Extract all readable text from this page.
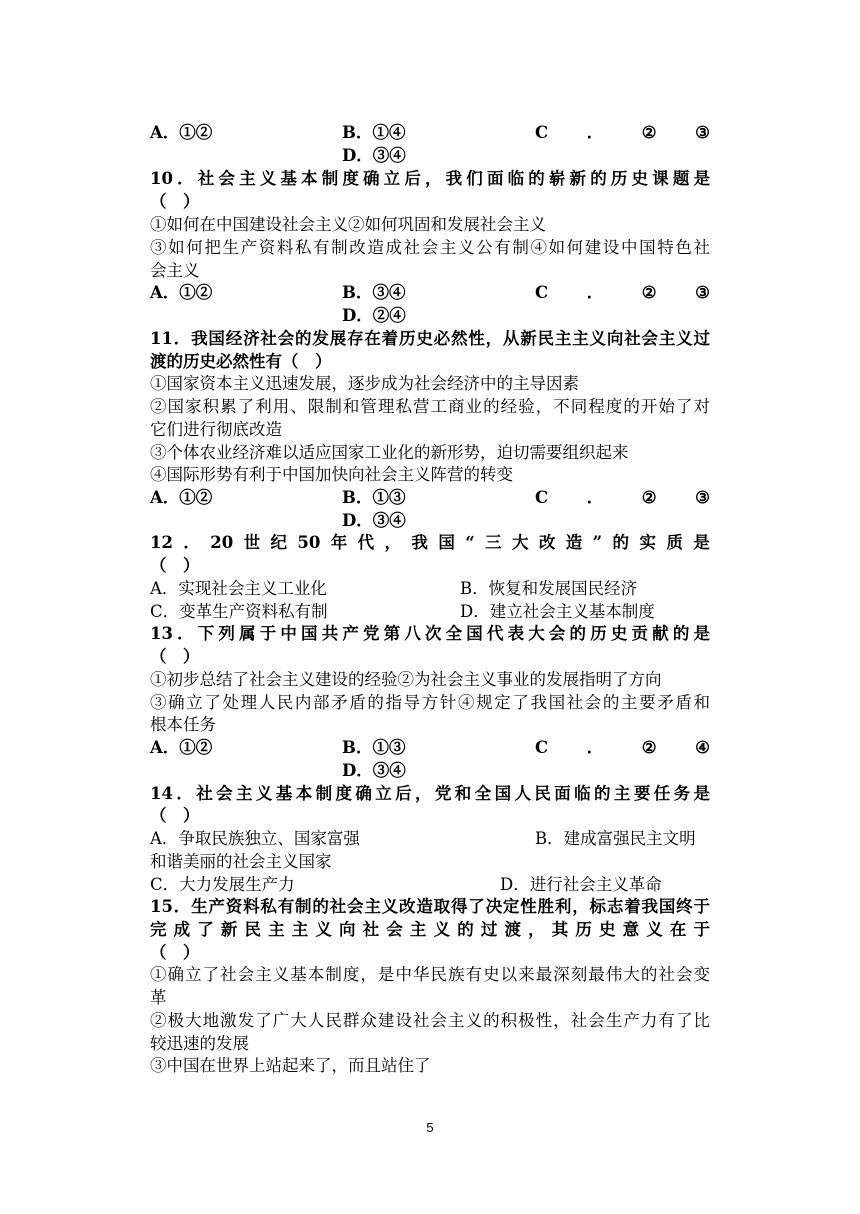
A．①②	B．①④	C ． ② ③
D．③④
10．社会主义基本制度确立后，我们面临的崭新的历史课题是
（　）
①如何在中国建设社会主义②如何巩固和发展社会主义
③如何把生产资料私有制改造成社会主义公有制④如何建设中国特色社
会主义
A．①②	B．③④	C ． ② ③
D．②④
11．我国经济社会的发展存在着历史必然性，从新民主主义向社会主义过
渡的历史必然性有（　）
①国家资本主义迅速发展，逐步成为社会经济中的主导因素
②国家积累了利用、限制和管理私营工商业的经验，不同程度的开始了对
它们进行彻底改造
③个体农业经济难以适应国家工业化的新形势，迫切需要组织起来
④国际形势有利于中国加快向社会主义阵营的转变
A．①②	B．①③	C ． ② ③
D．③④
12 ． 20 世 纪 50 年 代 ， 我 国 “ 三 大 改 造 ” 的 实 质 是
（　）
A．实现社会主义工业化	B．恢复和发展国民经济
C．变革生产资料私有制	D．建立社会主义基本制度
13．下列属于中国共产党第八次全国代表大会的历史贡献的是
（　）
①初步总结了社会主义建设的经验②为社会主义事业的发展指明了方向
③确立了处理人民内部矛盾的指导方针④规定了我国社会的主要矛盾和
根本任务
A．①②	B．①③	C ． ② ④
D．③④
14．社会主义基本制度确立后，党和全国人民面临的主要任务是
（　）
A．争取民族独立、国家富强	B．建成富强民主文明
和谐美丽的社会主义国家
C．大力发展生产力	D．进行社会主义革命
15．生产资料私有制的社会主义改造取得了决定性胜利，标志着我国终于
完成了新民主主义向社会主义的过渡，其历史意义在于
（　）
①确立了社会主义基本制度，是中华民族有史以来最深刻最伟大的社会变
革
②极大地激发了广大人民群众建设社会主义的积极性，社会生产力有了比
较迅速的发展
③中国在世界上站起来了，而且站住了
5
